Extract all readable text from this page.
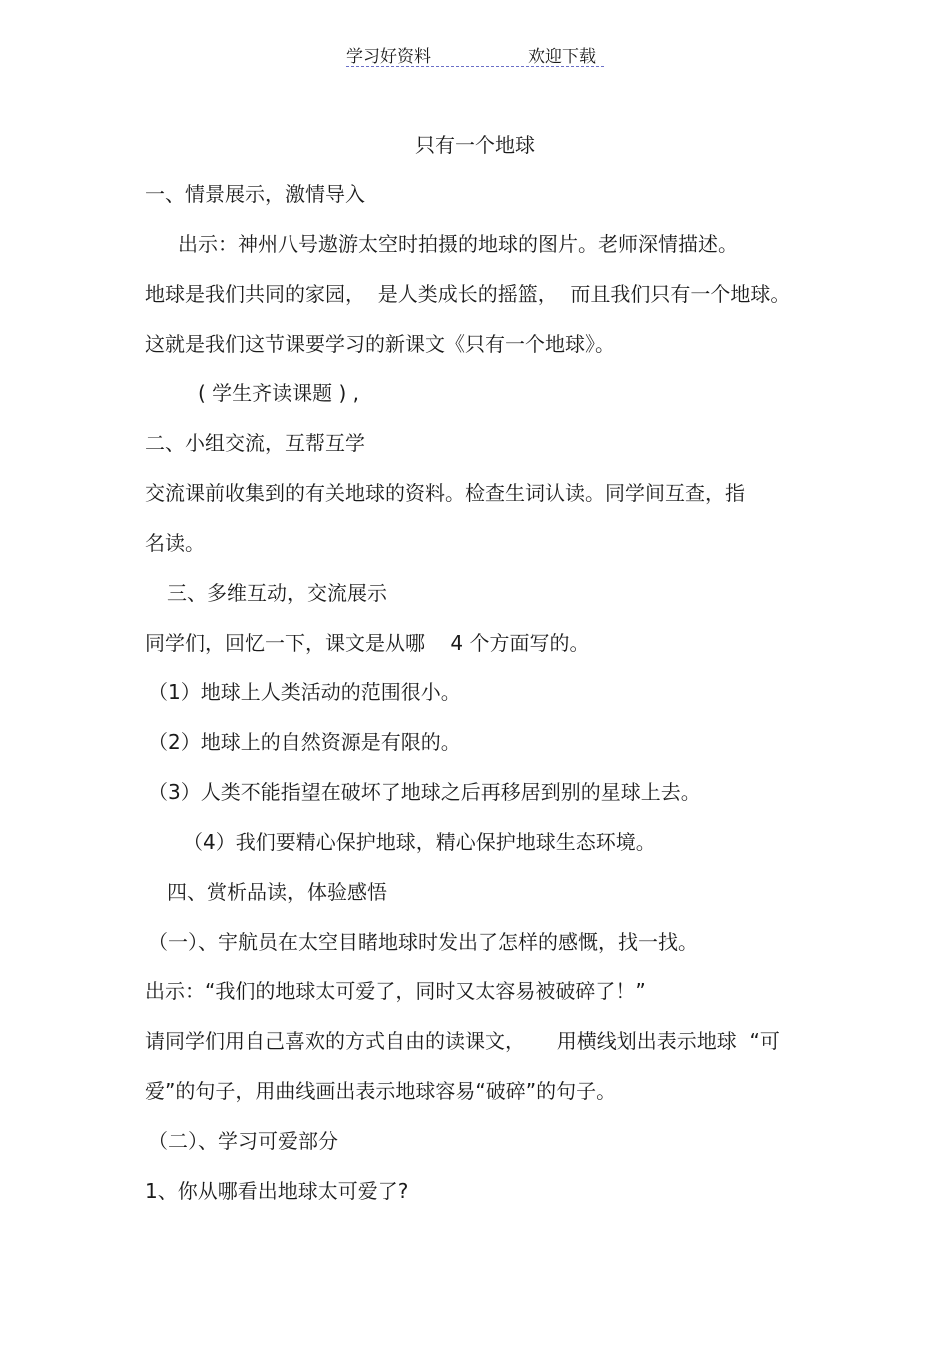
学习好资料	欢迎下载
只有一个地球
一、情景展示，激情导入
出示：神州八号遨游太空时拍摄的地球的图片。老师深情描述。
地球是我们共同的家园，  是人类成长的摇篮，  而且我们只有一个地球。
这就是我们这节课要学习的新课文《只有一个地球》。
( 学生齐读课题 ) ,
二、小组交流，互帮互学
交流课前收集到的有关地球的资料。检查生词认读。同学间互查，指
名读。
三、多维互动，交流展示
同学们，回忆一下，课文是从哪    4 个方面写的。
（1）地球上人类活动的范围很小。
（2）地球上的自然资源是有限的。
（3）人类不能指望在破坏了地球之后再移居到别的星球上去。
（4）我们要精心保护地球，精心保护地球生态环境。
四、赏析品读，体验感悟
（一）、宇航员在太空目睹地球时发出了怎样的感慨，找一找。
出示：“我们的地球太可爱了，同时又太容易被破碎了！”
请同学们用自己喜欢的方式自由的读课文，     用横线划出表示地球  “可
爱”的句子，用曲线画出表示地球容易“破碎”的句子。
（二）、学习可爱部分
1、你从哪看出地球太可爱了?
